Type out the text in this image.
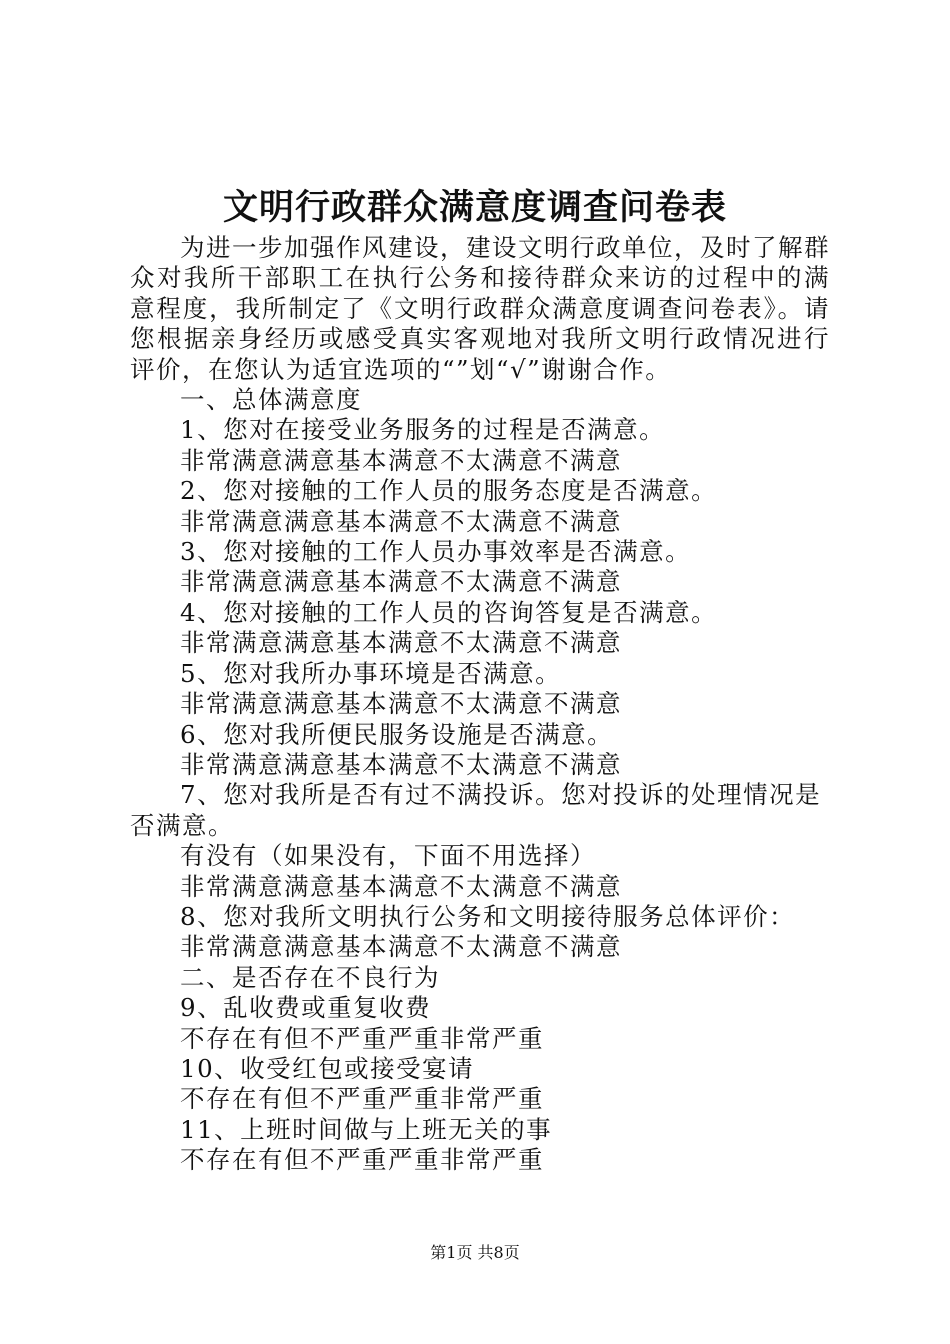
文明行政群众满意度调查问卷表

为进一步加强作风建设，建设文明行政单位，及时了解群众对我所干部职工在执行公务和接待群众来访的过程中的满意程度，我所制定了《文明行政群众满意度调查问卷表》。请您根据亲身经历或感受真实客观地对我所文明行政情况进行评价，在您认为适宜选项的“”划“√”谢谢合作。

一、总体满意度

1、您对在接受业务服务的过程是否满意。

非常满意满意基本满意不太满意不满意

2、您对接触的工作人员的服务态度是否满意。

非常满意满意基本满意不太满意不满意

3、您对接触的工作人员办事效率是否满意。

非常满意满意基本满意不太满意不满意

4、您对接触的工作人员的咨询答复是否满意。

非常满意满意基本满意不太满意不满意

5、您对我所办事环境是否满意。

非常满意满意基本满意不太满意不满意

6、您对我所便民服务设施是否满意。

非常满意满意基本满意不太满意不满意

7、您对我所是否有过不满投诉。您对投诉的处理情况是否满意。

有没有（如果没有，下面不用选择）

非常满意满意基本满意不太满意不满意

8、您对我所文明执行公务和文明接待服务总体评价：

非常满意满意基本满意不太满意不满意

二、是否存在不良行为

9、乱收费或重复收费

不存在有但不严重严重非常严重

10、收受红包或接受宴请

不存在有但不严重严重非常严重

11、上班时间做与上班无关的事

不存在有但不严重严重非常严重

第1页 共8页
